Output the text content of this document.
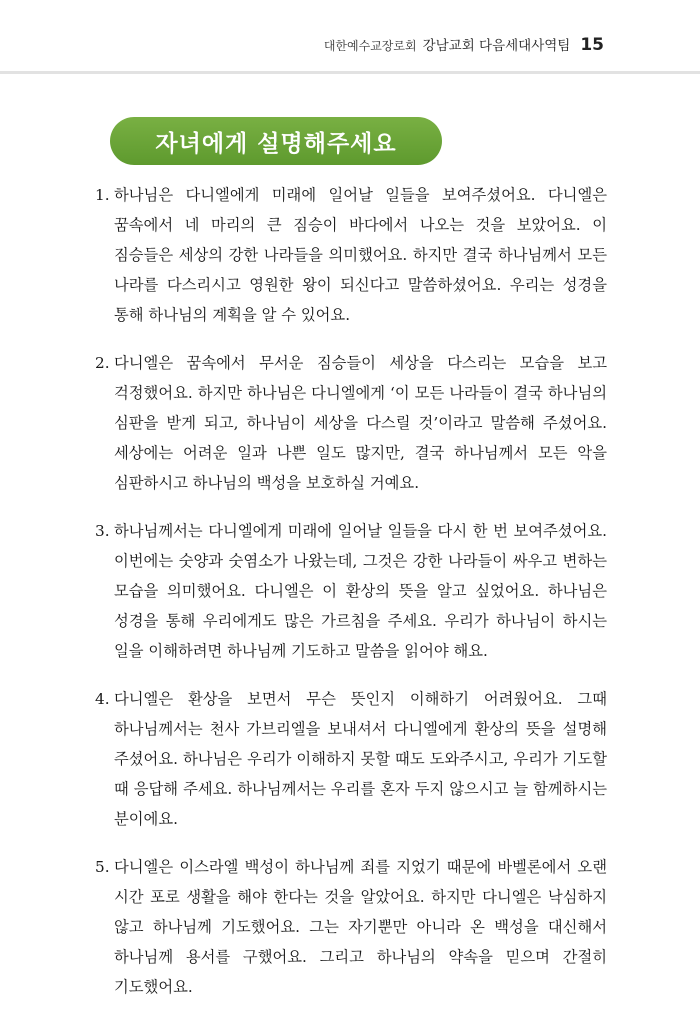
대한예수교장로회 강남교회 다음세대사역팀 15
자녀에게 설명해주세요
1. 하나님은 다니엘에게 미래에 일어날 일들을 보여주셨어요. 다니엘은 꿈속에서 네 마리의 큰 짐승이 바다에서 나오는 것을 보았어요. 이 짐승들은 세상의 강한 나라들을 의미했어요. 하지만 결국 하나님께서 모든 나라를 다스리시고 영원한 왕이 되신다고 말씀하셨어요. 우리는 성경을 통해 하나님의 계획을 알 수 있어요.
2. 다니엘은 꿈속에서 무서운 짐승들이 세상을 다스리는 모습을 보고 걱정했어요. 하지만 하나님은 다니엘에게 ‘이 모든 나라들이 결국 하나님의 심판을 받게 되고, 하나님이 세상을 다스릴 것’이라고 말씀해 주셨어요. 세상에는 어려운 일과 나쁜 일도 많지만, 결국 하나님께서 모든 악을 심판하시고 하나님의 백성을 보호하실 거예요.
3. 하나님께서는 다니엘에게 미래에 일어날 일들을 다시 한 번 보여주셨어요. 이번에는 숫양과 숫염소가 나왔는데, 그것은 강한 나라들이 싸우고 변하는 모습을 의미했어요. 다니엘은 이 환상의 뜻을 알고 싶었어요. 하나님은 성경을 통해 우리에게도 많은 가르침을 주세요. 우리가 하나님이 하시는 일을 이해하려면 하나님께 기도하고 말씀을 읽어야 해요.
4. 다니엘은 환상을 보면서 무슨 뜻인지 이해하기 어려웠어요. 그때 하나님께서는 천사 가브리엘을 보내셔서 다니엘에게 환상의 뜻을 설명해 주셨어요. 하나님은 우리가 이해하지 못할 때도 도와주시고, 우리가 기도할 때 응답해 주세요. 하나님께서는 우리를 혼자 두지 않으시고 늘 함께하시는 분이에요.
5. 다니엘은 이스라엘 백성이 하나님께 죄를 지었기 때문에 바벨론에서 오랜 시간 포로 생활을 해야 한다는 것을 알았어요. 하지만 다니엘은 낙심하지 않고 하나님께 기도했어요. 그는 자기뿐만 아니라 온 백성을 대신해서 하나님께 용서를 구했어요. 그리고 하나님의 약속을 믿으며 간절히 기도했어요.
